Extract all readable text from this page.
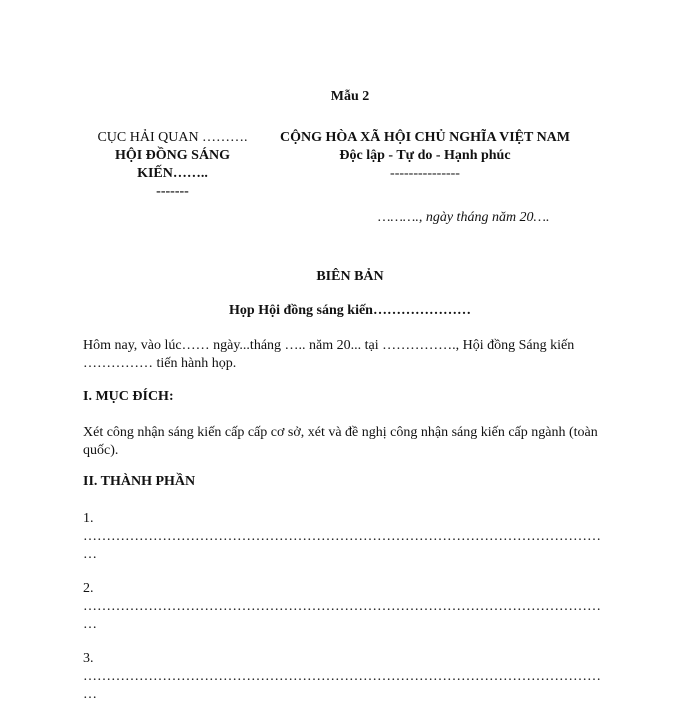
Mẫu 2
CỤC HẢI QUAN ……….
HỘI ĐỒNG SÁNG KIẾN……..
-------
CỘNG HÒA XÃ HỘI CHỦ NGHĨA VIỆT NAM
Độc lập - Tự do - Hạnh phúc
---------------
………., ngày tháng năm 20….
BIÊN BẢN
Họp Hội đồng sáng kiến…………………
Hôm nay, vào lúc…… ngày...tháng ….. năm 20... tại ……………., Hội đồng Sáng kiến …………… tiến hành họp.
I. MỤC ĐÍCH:
Xét công nhận sáng kiến cấp cấp cơ sở, xét và đề nghị công nhận sáng kiến cấp ngành (toàn quốc).
II. THÀNH PHẦN
1.
…………………………………………………………………………………………………
…
2.
…………………………………………………………………………………………………
…
3.
…………………………………………………………………………………………………
…
